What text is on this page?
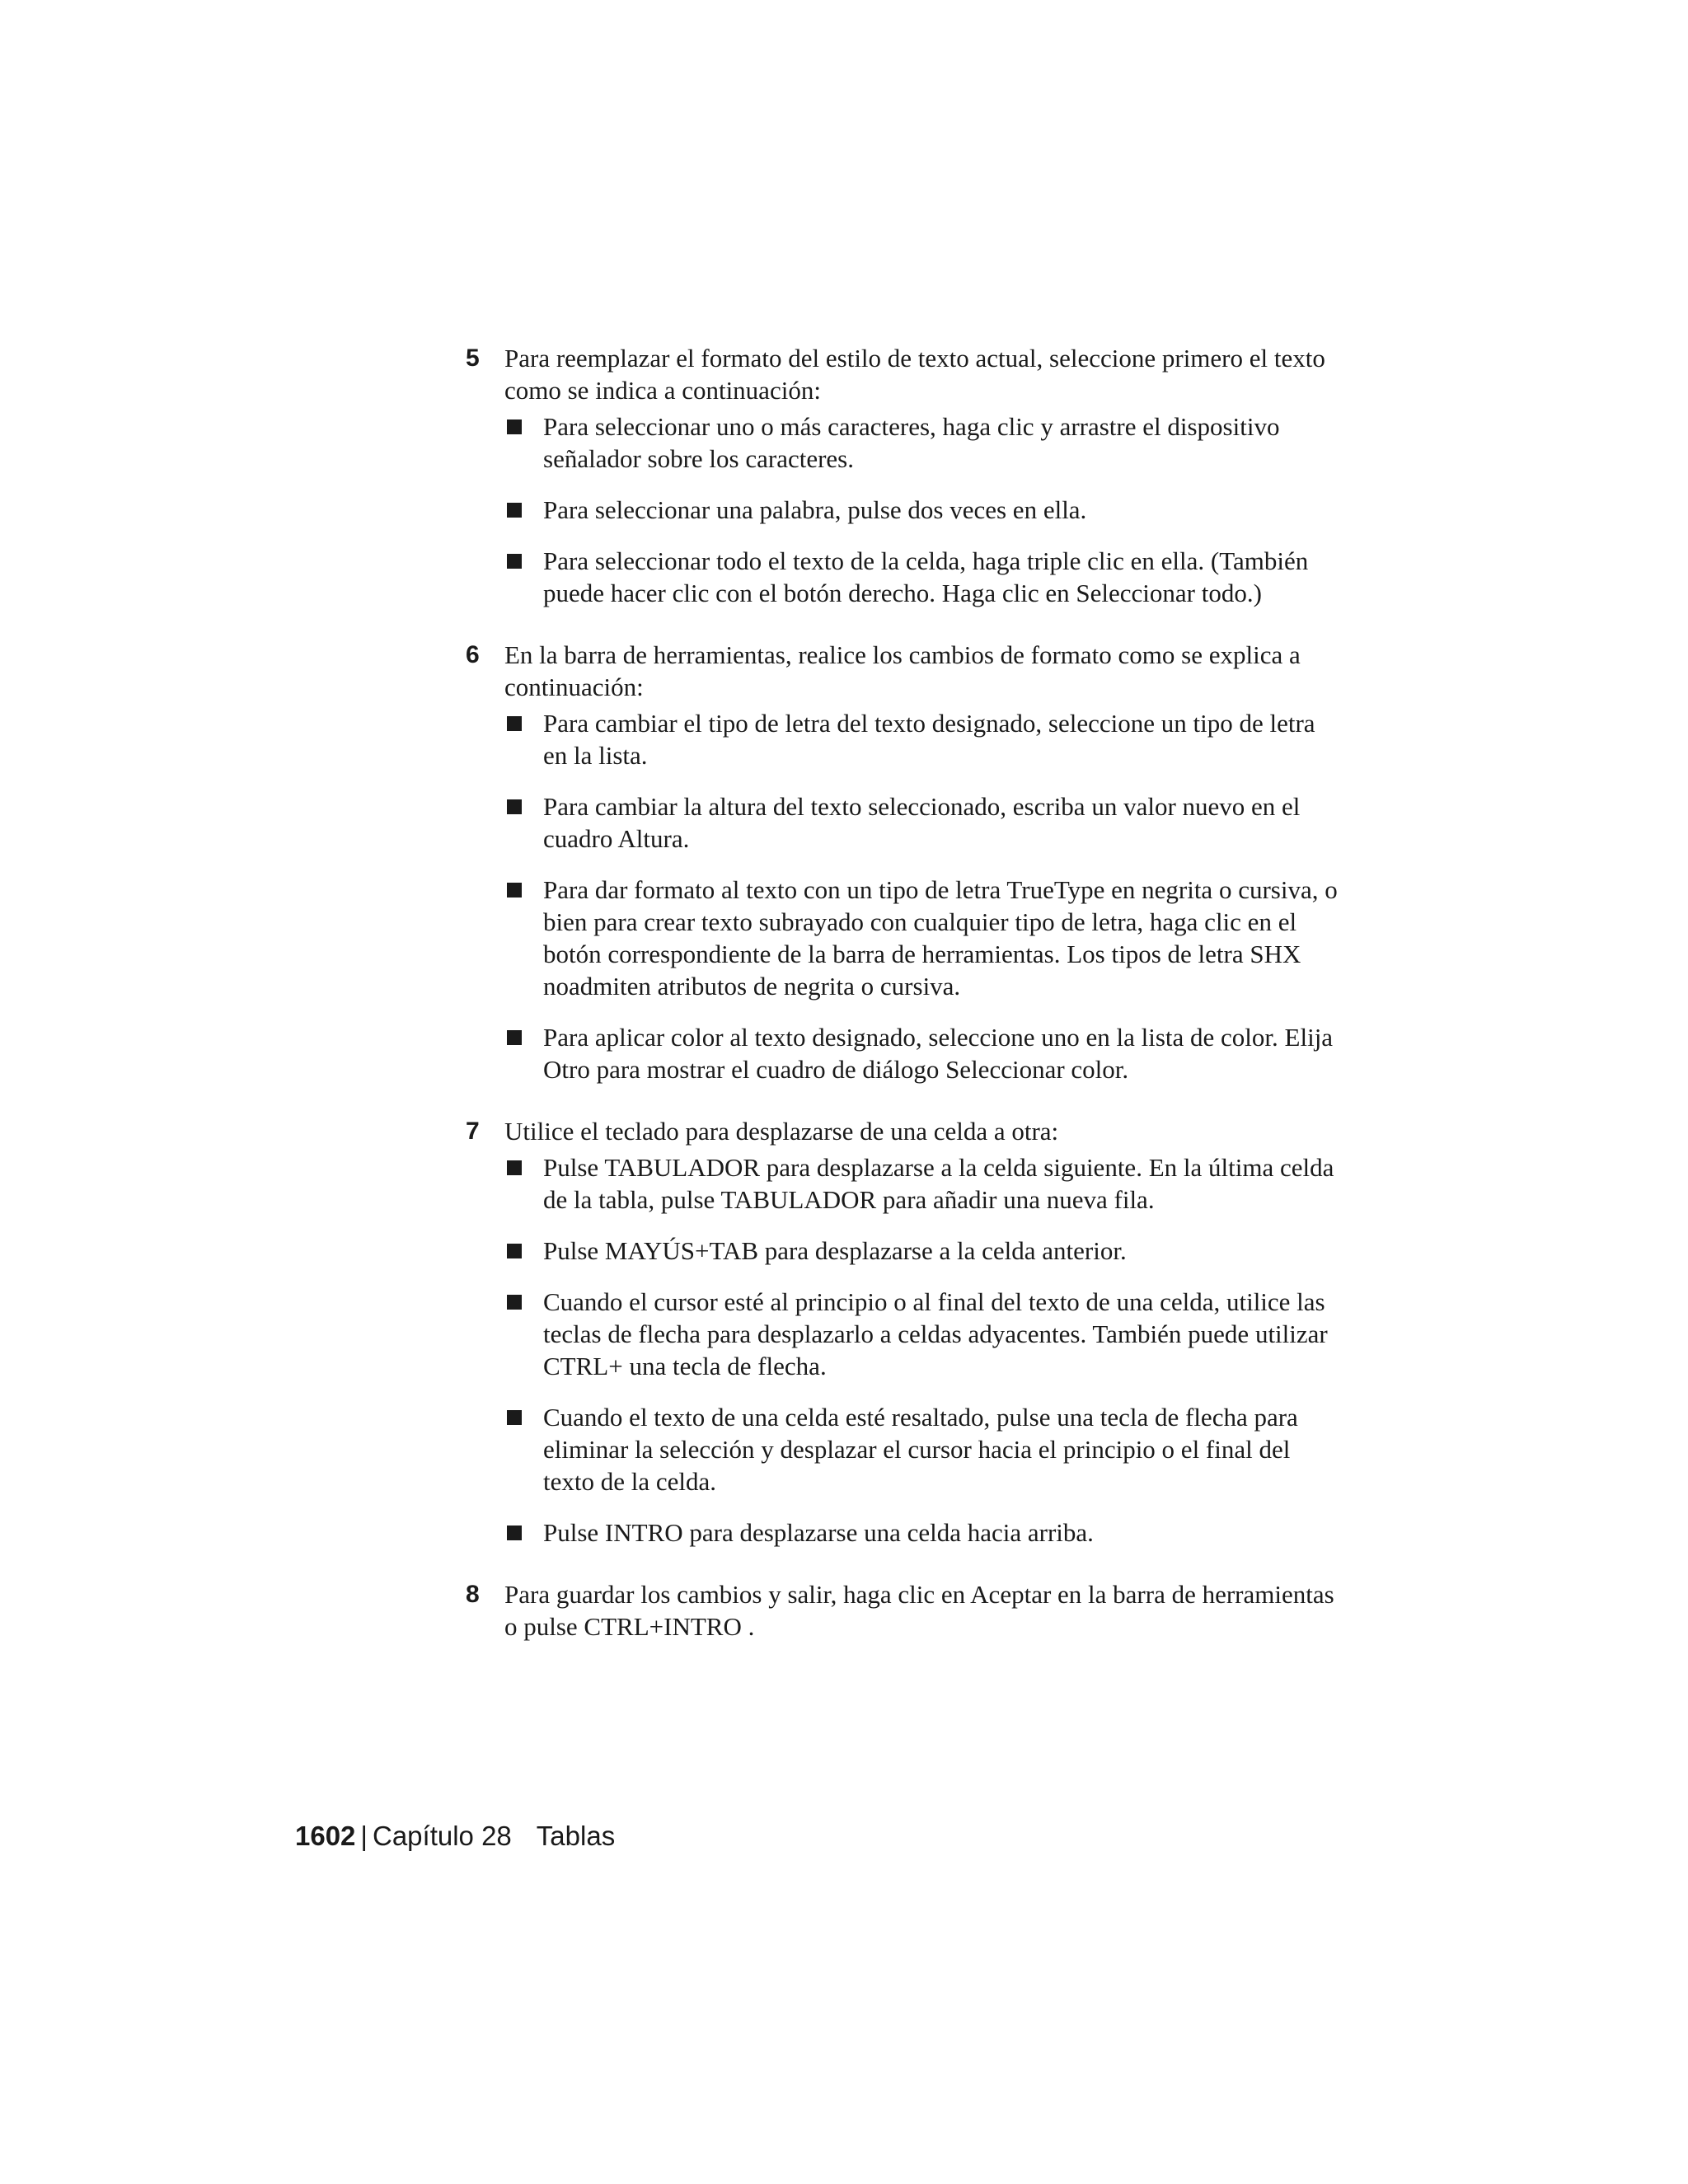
5 Para reemplazar el formato del estilo de texto actual, seleccione primero el texto como se indica a continuación:
Para seleccionar uno o más caracteres, haga clic y arrastre el dispositivo señalador sobre los caracteres.
Para seleccionar una palabra, pulse dos veces en ella.
Para seleccionar todo el texto de la celda, haga triple clic en ella. (También puede hacer clic con el botón derecho. Haga clic en Seleccionar todo.)
6 En la barra de herramientas, realice los cambios de formato como se explica a continuación:
Para cambiar el tipo de letra del texto designado, seleccione un tipo de letra en la lista.
Para cambiar la altura del texto seleccionado, escriba un valor nuevo en el cuadro Altura.
Para dar formato al texto con un tipo de letra TrueType en negrita o cursiva, o bien para crear texto subrayado con cualquier tipo de letra, haga clic en el botón correspondiente de la barra de herramientas. Los tipos de letra SHX noadmiten atributos de negrita o cursiva.
Para aplicar color al texto designado, seleccione uno en la lista de color. Elija Otro para mostrar el cuadro de diálogo Seleccionar color.
7 Utilice el teclado para desplazarse de una celda a otra:
Pulse TABULADOR para desplazarse a la celda siguiente. En la última celda de la tabla, pulse TABULADOR para añadir una nueva fila.
Pulse MAYÚS+TAB para desplazarse a la celda anterior.
Cuando el cursor esté al principio o al final del texto de una celda, utilice las teclas de flecha para desplazarlo a celdas adyacentes. También puede utilizar CTRL+ una tecla de flecha.
Cuando el texto de una celda esté resaltado, pulse una tecla de flecha para eliminar la selección y desplazar el cursor hacia el principio o el final del texto de la celda.
Pulse INTRO para desplazarse una celda hacia arriba.
8 Para guardar los cambios y salir, haga clic en Aceptar en la barra de herramientas o pulse CTRL+INTRO .
1602 | Capítulo 28 Tablas
